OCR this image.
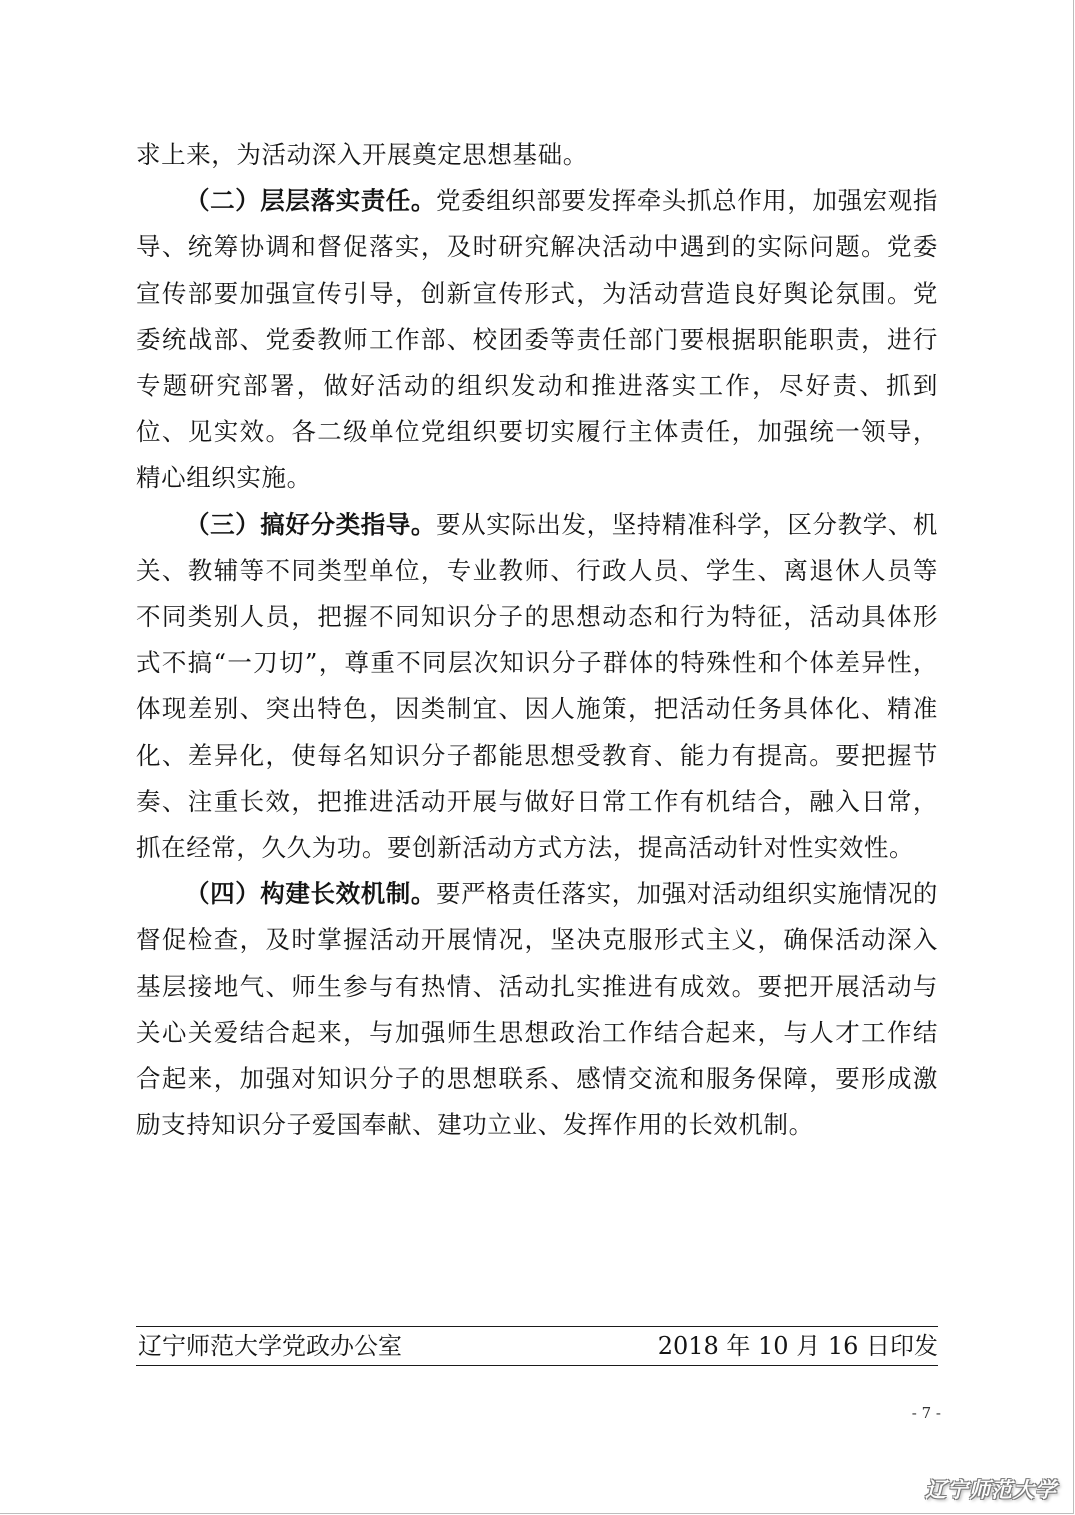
求上来，为活动深入开展奠定思想基础。

（二）层层落实责任。党委组织部要发挥牵头抓总作用，加强宏观指导、统筹协调和督促落实，及时研究解决活动中遇到的实际问题。党委宣传部要加强宣传引导，创新宣传形式，为活动营造良好舆论氛围。党委统战部、党委教师工作部、校团委等责任部门要根据职能职责，进行专题研究部署，做好活动的组织发动和推进落实工作，尽好责、抓到位、见实效。各二级单位党组织要切实履行主体责任，加强统一领导，精心组织实施。

（三）搞好分类指导。要从实际出发，坚持精准科学，区分教学、机关、教辅等不同类型单位，专业教师、行政人员、学生、离退休人员等不同类别人员，把握不同知识分子的思想动态和行为特征，活动具体形式不搞“一刀切”，尊重不同层次知识分子群体的特殊性和个体差异性，体现差别、突出特色，因类制宜、因人施策，把活动任务具体化、精准化、差异化，使每名知识分子都能思想受教育、能力有提高。要把握节奏、注重长效，把推进活动开展与做好日常工作有机结合，融入日常，抓在经常，久久为功。要创新活动方式方法，提高活动针对性实效性。

（四）构建长效机制。要严格责任落实，加强对活动组织实施情况的督促检查，及时掌握活动开展情况，坚决克服形式主义，确保活动深入基层接地气、师生参与有热情、活动扎实推进有成效。要把开展活动与关心关爱结合起来，与加强师生思想政治工作结合起来，与人才工作结合起来，加强对知识分子的思想联系、感情交流和服务保障，要形成激励支持知识分子爱国奉献、建功立业、发挥作用的长效机制。

辽宁师范大学党政办公室	2018 年 10 月 16 日印发
- 7 -
辽宁师范大学
